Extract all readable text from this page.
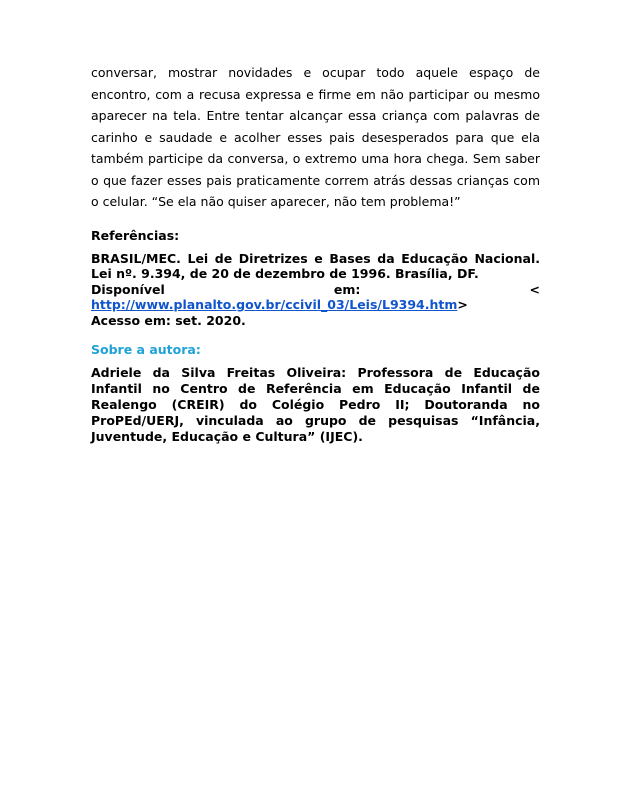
conversar, mostrar novidades e ocupar todo aquele espaço de encontro, com a recusa expressa e firme em não participar ou mesmo aparecer na tela. Entre tentar alcançar essa criança com palavras de carinho e saudade e acolher esses pais desesperados para que ela também participe da conversa, o extremo uma hora chega. Sem saber o que fazer esses pais praticamente correm atrás dessas crianças com o celular. “Se ela não quiser aparecer, não tem problema!”

Referências:
BRASIL/MEC. Lei de Diretrizes e Bases da Educação Nacional. Lei nº. 9.394, de 20 de dezembro de 1996. Brasília, DF.
Disponível	em:	<
http://www.planalto.gov.br/ccivil_03/Leis/L9394.htm>
Acesso em: set. 2020.
Sobre a autora:

Adriele da Silva Freitas Oliveira: Professora de Educação Infantil no Centro de Referência em Educação Infantil de Realengo (CREIR) do Colégio Pedro II; Doutoranda no ProPEd/UERJ, vinculada ao grupo de pesquisas “Infância, Juventude, Educação e Cultura” (IJEC).
